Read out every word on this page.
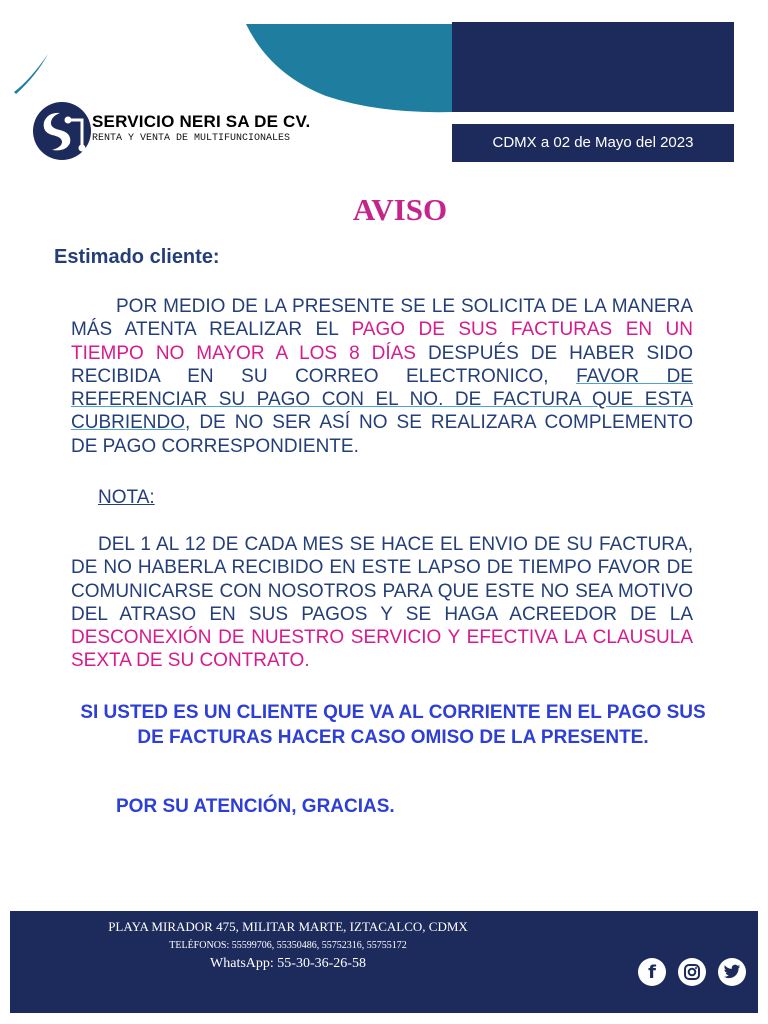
CDMX a 02 de Mayo del 2023
SERVICIO NERI SA DE CV.
RENTA Y VENTA DE MULTIFUNCIONALES
AVISO
Estimado cliente:
POR MEDIO DE LA PRESENTE SE LE SOLICITA DE LA MANERA MÁS ATENTA REALIZAR EL PAGO DE SUS FACTURAS EN UN TIEMPO NO MAYOR A LOS 8 DÍAS DESPUÉS DE HABER SIDO RECIBIDA EN SU CORREO ELECTRONICO, FAVOR DE REFERENCIAR SU PAGO CON EL NO. DE FACTURA QUE ESTA CUBRIENDO, DE NO SER ASÍ NO SE REALIZARA COMPLEMENTO DE PAGO CORRESPONDIENTE.
NOTA:
DEL 1 AL 12 DE CADA MES SE HACE EL ENVIO DE SU FACTURA, DE NO HABERLA RECIBIDO EN ESTE LAPSO DE TIEMPO FAVOR DE COMUNICARSE CON NOSOTROS PARA QUE ESTE NO SEA MOTIVO DEL ATRASO EN SUS PAGOS Y SE HAGA ACREEDOR DE LA DESCONEXIÓN DE NUESTRO SERVICIO Y EFECTIVA LA CLAUSULA SEXTA DE SU CONTRATO.
SI USTED ES UN CLIENTE QUE VA AL CORRIENTE EN EL PAGO SUS DE FACTURAS HACER CASO OMISO DE LA PRESENTE.
POR SU ATENCIÓN, GRACIAS.
PLAYA MIRADOR 475, MILITAR MARTE, IZTACALCO, CDMX
TELÉFONOS: 55599706, 55350486, 55752316, 55755172
WhatsApp: 55-30-36-26-58	f
